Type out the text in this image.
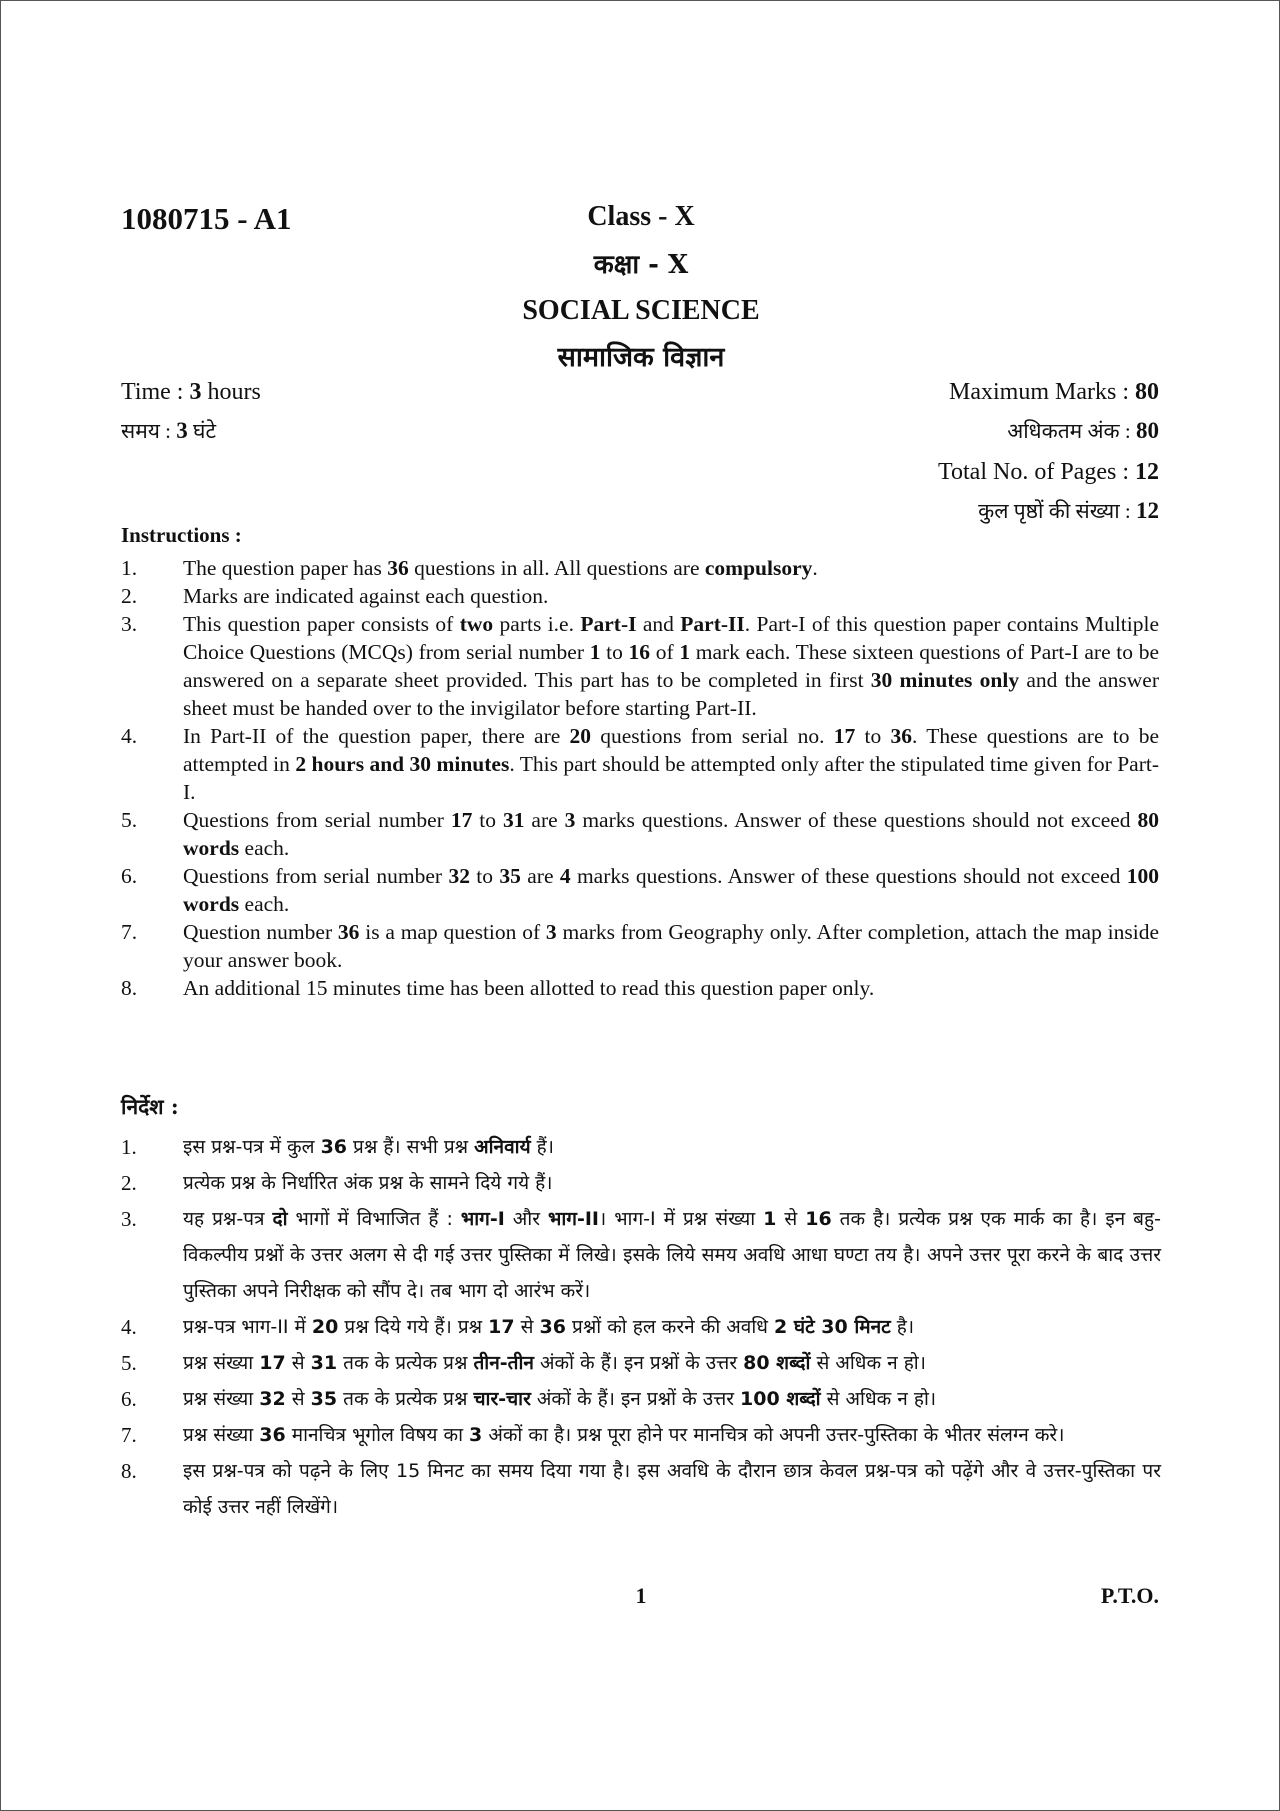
1080715 - A1	Class - X
कक्षा - X
SOCIAL SCIENCE
सामाजिक विज्ञान
Time : 3 hours
समय : 3 घंटे
Maximum Marks : 80
अधिकतम अंक : 80
Total No. of Pages : 12
कुल पृष्ठों की संख्या : 12
Instructions :
1.	The question paper has 36 questions in all. All questions are compulsory.
2.	Marks are indicated against each question.
3.	This question paper consists of two parts i.e. Part-I and Part-II. Part-I of this question paper contains Multiple Choice Questions (MCQs) from serial number 1 to 16 of 1 mark each. These sixteen questions of Part-I are to be answered on a separate sheet provided. This part has to be completed in first 30 minutes only and the answer sheet must be handed over to the invigilator before starting Part-II.
4.	In Part-II of the question paper, there are 20 questions from serial no. 17 to 36. These questions are to be attempted in 2 hours and 30 minutes. This part should be attempted only after the stipulated time given for Part-I.
5.	Questions from serial number 17 to 31 are 3 marks questions. Answer of these questions should not exceed 80 words each.
6.	Questions from serial number 32 to 35 are 4 marks questions. Answer of these questions should not exceed 100 words each.
7.	Question number 36 is a map question of 3 marks from Geography only. After completion, attach the map inside your answer book.
8.	An additional 15 minutes time has been allotted to read this question paper only.
निर्देश :
1.	इस प्रश्न-पत्र में कुल 36 प्रश्न हैं। सभी प्रश्न अनिवार्य हैं।
2.	प्रत्येक प्रश्न के निर्धारित अंक प्रश्न के सामने दिये गये हैं।
3.	यह प्रश्न-पत्र दो भागों में विभाजित हैं : भाग-I और भाग-II। भाग-I में प्रश्न संख्या 1 से 16 तक है। प्रत्येक प्रश्न एक मार्क का है। इन बहु-विकल्पीय प्रश्नों के उत्तर अलग से दी गई उत्तर पुस्तिका में लिखे। इसके लिये समय अवधि आधा घण्टा तय है। अपने उत्तर पूरा करने के बाद उत्तर पुस्तिका अपने निरीक्षक को सौंप दे। तब भाग दो आरंभ करें।
4.	प्रश्न-पत्र भाग-II में 20 प्रश्न दिये गये हैं। प्रश्न 17 से 36 प्रश्नों को हल करने की अवधि 2 घंटे 30 मिनट है।
5.	प्रश्न संख्या 17 से 31 तक के प्रत्येक प्रश्न तीन-तीन अंकों के हैं। इन प्रश्नों के उत्तर 80 शब्दों से अधिक न हो।
6.	प्रश्न संख्या 32 से 35 तक के प्रत्येक प्रश्न चार-चार अंकों के हैं। इन प्रश्नों के उत्तर 100 शब्दों से अधिक न हो।
7.	प्रश्न संख्या 36 मानचित्र भूगोल विषय का 3 अंकों का है। प्रश्न पूरा होने पर मानचित्र को अपनी उत्तर-पुस्तिका के भीतर संलग्न करे।
8.	इस प्रश्न-पत्र को पढ़ने के लिए 15 मिनट का समय दिया गया है। इस अवधि के दौरान छात्र केवल प्रश्न-पत्र को पढ़ेंगे और वे उत्तर-पुस्तिका पर कोई उत्तर नहीं लिखेंगे।
1	P.T.O.
